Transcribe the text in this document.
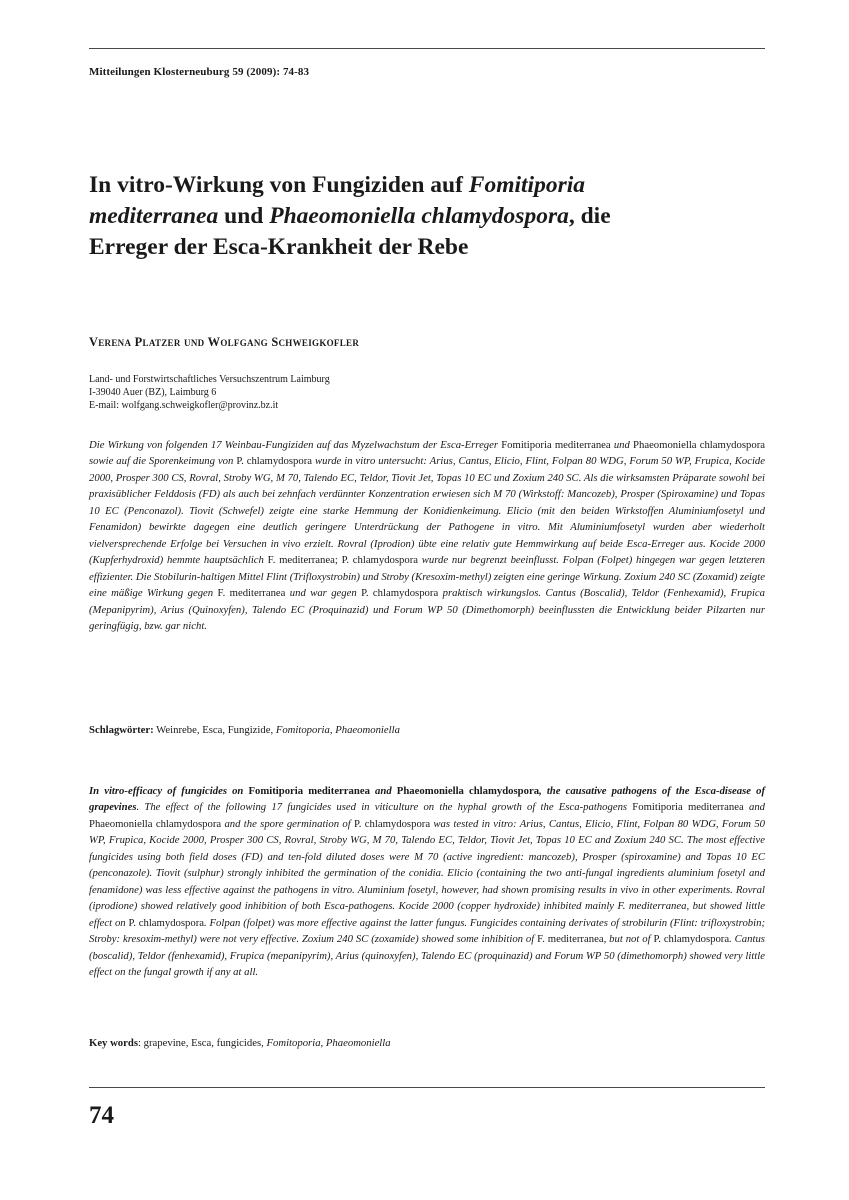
Mitteilungen Klosterneuburg 59 (2009): 74-83
In vitro-Wirkung von Fungiziden auf Fomitiporia
mediterranea und Phaeomoniella chlamydospora, die
Erreger der Esca-Krankheit der Rebe
Verena Platzer und Wolfgang Schweigkofler
Land- und Forstwirtschaftliches Versuchszentrum Laimburg
I-39040 Auer (BZ), Laimburg 6
E-mail: wolfgang.schweigkofler@provinz.bz.it

Die Wirkung von folgenden 17 Weinbau-Fungiziden auf das Myzelwachstum der Esca-Erreger Fomitiporia mediterranea und Phaeomoniella chlamydospora sowie auf die Sporenkeimung von P. chlamydospora wurde in vitro untersucht: Arius, Cantus, Elicio, Flint, Folpan 80 WDG, Forum 50 WP, Frupica, Kocide 2000, Prosper 300 CS, Rovral, Stroby WG, M 70, Talendo EC, Teldor, Tiovit Jet, Topas 10 EC und Zoxium 240 SC. Als die wirksamsten Präparate sowohl bei praxisüblicher Felddosis (FD) als auch bei zehnfach verdünnter Konzentration erwiesen sich M 70 (Wirkstoff: Mancozeb), Prosper (Spiroxamine) und Topas 10 EC (Penconazol). Tiovit (Schwefel) zeigte eine starke Hemmung der Konidienkeimung. Elicio (mit den beiden Wirkstoffen Aluminiumfosetyl und Fenamidon) bewirkte dagegen eine deutlich geringere Unterdrückung der Pathogene in vitro. Mit Aluminiumfosetyl wurden aber wiederholt vielversprechende Erfolge bei Versuchen in vivo erzielt. Rovral (Iprodion) übte eine relativ gute Hemmwirkung auf beide Esca-Erreger aus. Kocide 2000 (Kupferhydroxid) hemmte hauptsächlich F. mediterranea; P. chlamydospora wurde nur begrenzt beeinflusst. Folpan (Folpet) hingegen war gegen letzteren effizienter. Die Stobilurin-haltigen Mittel Flint (Trifloxystrobin) und Stroby (Kresoxim-methyl) zeigten eine geringe Wirkung. Zoxium 240 SC (Zoxamid) zeigte eine mäßige Wirkung gegen F. mediterranea und war gegen P. chlamydospora praktisch wirkungslos. Cantus (Boscalid), Teldor (Fenhexamid), Frupica (Mepanipyrim), Arius (Quinoxyfen), Talendo EC (Proquinazid) und Forum WP 50 (Dimethomorph) beeinflussten die Entwicklung beider Pilzarten nur geringfügig, bzw. gar nicht.

Schlagwörter: Weinrebe, Esca, Fungizide, Fomitoporia, Phaeomoniella

In vitro-efficacy of fungicides on Fomitiporia mediterranea and Phaeomoniella chlamydospora, the causative pathogens of the Esca-disease of grapevines. The effect of the following 17 fungicides used in viticulture on the hyphal growth of the Esca-pathogens Fomitiporia mediterranea and Phaeomoniella chlamydospora and the spore germination of P. chlamydospora was tested in vitro: Arius, Cantus, Elicio, Flint, Folpan 80 WDG, Forum 50 WP, Frupica, Kocide 2000, Prosper 300 CS, Rovral, Stroby WG, M 70, Talendo EC, Teldor, Tiovit Jet, Topas 10 EC and Zoxium 240 SC. The most effective fungicides using both field doses (FD) and ten-fold diluted doses were M 70 (active ingredient: mancozeb), Prosper (spiroxamine) and Topas 10 EC (penconazole). Tiovit (sulphur) strongly inhibited the germination of the conidia. Elicio (containing the two anti-fungal ingredients aluminium fosetyl and fenamidone) was less effective against the pathogens in vitro. Aluminium fosetyl, however, had shown promising results in vivo in other experiments. Rovral (iprodione) showed relatively good inhibition of both Esca-pathogens. Kocide 2000 (copper hydroxide) inhibited mainly F. mediterranea, but showed little effect on P. chlamydospora. Folpan (folpet) was more effective against the latter fungus. Fungicides containing derivates of strobilurin (Flint: trifloxystrobin; Stroby: kresoxim-methyl) were not very effective. Zoxium 240 SC (zoxamide) showed some inhibition of F. mediterranea, but not of P. chlamydospora. Cantus (boscalid), Teldor (fenhexamid), Frupica (mepanipyrim), Arius (quinoxyfen), Talendo EC (proquinazid) and Forum WP 50 (dimethomorph) showed very little effect on the fungal growth if any at all.

Key words: grapevine, Esca, fungicides, Fomitoporia, Phaeomoniella
74
